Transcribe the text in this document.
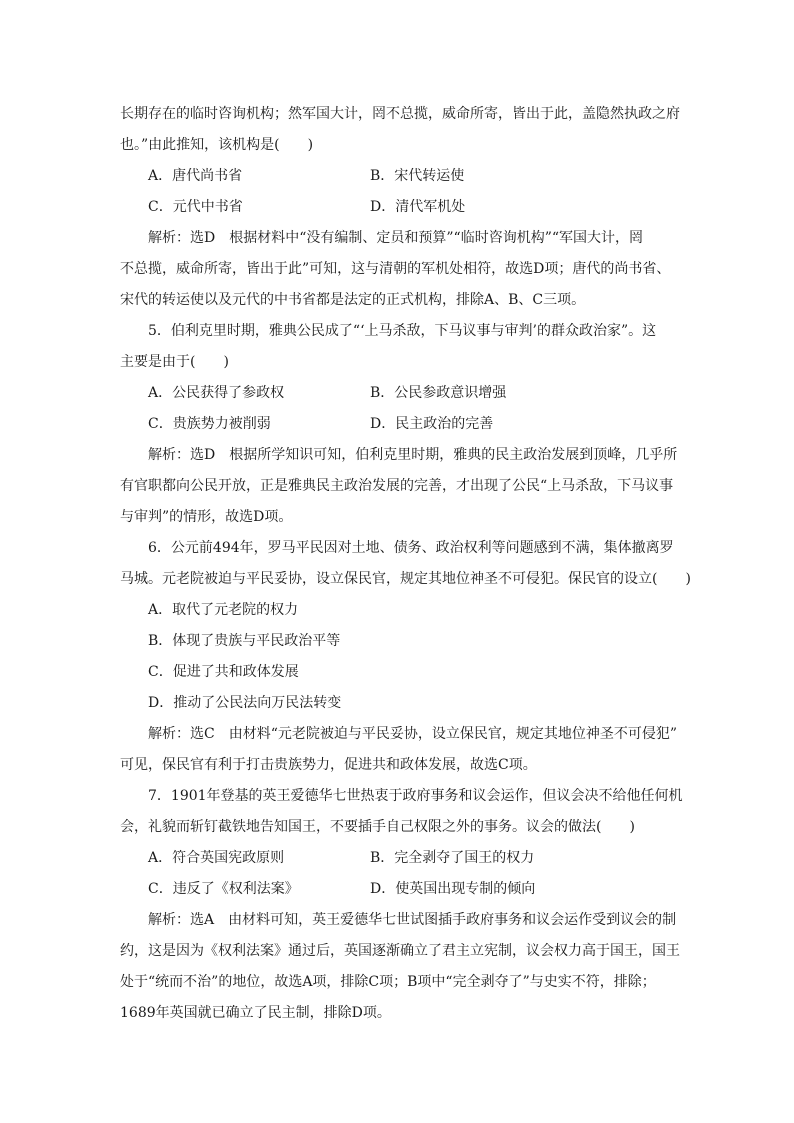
长期存在的临时咨询机构；然军国大计，罔不总揽，威命所寄，皆出于此，盖隐然执政之府
也。”由此推知，该机构是(　　)
A．唐代尚书省	B．宋代转运使
C．元代中书省	D．清代军机处
解析：选D　根据材料中“没有编制、定员和预算”“临时咨询机构”“军国大计，罔
不总揽，威命所寄，皆出于此”可知，这与清朝的军机处相符，故选D项；唐代的尚书省、
宋代的转运使以及元代的中书省都是法定的正式机构，排除A、B、C三项。
5．伯利克里时期，雅典公民成了“‘上马杀敌，下马议事与审判’的群众政治家”。这
主要是由于(　　)
A．公民获得了参政权	B．公民参政意识增强
C．贵族势力被削弱	D．民主政治的完善
解析：选D　根据所学知识可知，伯利克里时期，雅典的民主政治发展到顶峰，几乎所
有官职都向公民开放，正是雅典民主政治发展的完善，才出现了公民“上马杀敌，下马议事
与审判”的情形，故选D项。
6．公元前494年，罗马平民因对土地、债务、政治权利等问题感到不满，集体撤离罗
马城。元老院被迫与平民妥协，设立保民官，规定其地位神圣不可侵犯。保民官的设立(　　)
A．取代了元老院的权力
B．体现了贵族与平民政治平等
C．促进了共和政体发展
D．推动了公民法向万民法转变
解析：选C　由材料“元老院被迫与平民妥协，设立保民官，规定其地位神圣不可侵犯”
可见，保民官有利于打击贵族势力，促进共和政体发展，故选C项。
7．1901年登基的英王爱德华七世热衷于政府事务和议会运作，但议会决不给他任何机
会，礼貌而斩钉截铁地告知国王，不要插手自己权限之外的事务。议会的做法(　　)
A．符合英国宪政原则	B．完全剥夺了国王的权力
C．违反了《权利法案》	D．使英国出现专制的倾向
解析：选A　由材料可知，英王爱德华七世试图插手政府事务和议会运作受到议会的制
约，这是因为《权利法案》通过后，英国逐渐确立了君主立宪制，议会权力高于国王，国王
处于“统而不治”的地位，故选A项，排除C项；B项中“完全剥夺了”与史实不符，排除；
1689年英国就已确立了民主制，排除D项。
